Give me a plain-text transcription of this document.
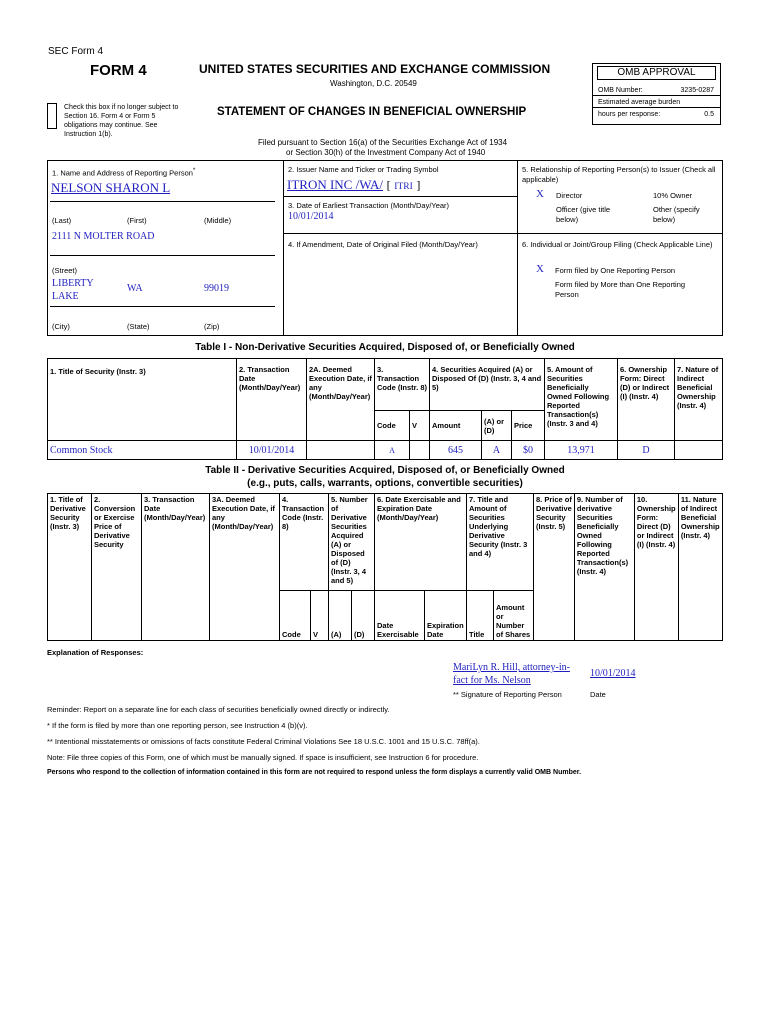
SEC Form 4
FORM 4	UNITED STATES SECURITIES AND EXCHANGE COMMISSION
Washington, D.C. 20549
Check this box if no longer subject to Section 16. Form 4 or Form 5 obligations may continue. See Instruction 1(b).
STATEMENT OF CHANGES IN BENEFICIAL OWNERSHIP
Filed pursuant to Section 16(a) of the Securities Exchange Act of 1934
or Section 30(h) of the Investment Company Act of 1940
OMB APPROVAL
OMB Number:	3235-0287
Estimated average burden
hours per response:	0.5
1. Name and Address of Reporting Person*
NELSON SHARON L
(Last)	(First)	(Middle)
2111 N MOLTER ROAD
(Street)
LIBERTY LAKE
WA	99019
(City)	(State)	(Zip)
2. Issuer Name and Ticker or Trading Symbol
ITRON INC /WA/ [ ITRI ]
3. Date of Earliest Transaction (Month/Day/Year)
10/01/2014
4. If Amendment, Date of Original Filed (Month/Day/Year)
5. Relationship of Reporting Person(s) to Issuer (Check all applicable)
X Director	10% Owner
Officer (give title below)
Other (specify below)
6. Individual or Joint/Group Filing (Check Applicable Line)
X Form filed by One Reporting Person
Form filed by More than One Reporting Person
Table I - Non-Derivative Securities Acquired, Disposed of, or Beneficially Owned
1. Title of Security (Instr. 3)	2. Transaction Date (Month/Day/Year)	2A. Deemed Execution Date, if any (Month/Day/Year)	3. Transaction Code (Instr. 8)		4. Securities Acquired (A) or Disposed Of (D) (Instr. 3, 4 and 5)			5. Amount of Securities Beneficially Owned Following Reported Transaction(s) (Instr. 3 and 4)	6. Ownership Form: Direct (D) or Indirect (I) (Instr. 4)	7. Nature of Indirect Beneficial Ownership (Instr. 4)
			Code	V	Amount	(A) or (D)	Price			
Common Stock	10/01/2014		A		645	A	$0	13,971	D	
Table II - Derivative Securities Acquired, Disposed of, or Beneficially Owned
(e.g., puts, calls, warrants, options, convertible securities)
1. Title of Derivative Security (Instr. 3)	2. Conversion or Exercise Price of Derivative Security	3. Transaction Date (Month/Day/Year)	3A. Deemed Execution Date, if any (Month/Day/Year)	4. Transaction Code (Instr. 8)		5. Number of Derivative Securities Acquired (A) or Disposed of (D) (Instr. 3, 4 and 5)		6. Date Exercisable and Expiration Date (Month/Day/Year)		7. Title and Amount of Securities Underlying Derivative Security (Instr. 3 and 4)		8. Price of Derivative Security (Instr. 5)	9. Number of derivative Securities Beneficially Owned Following Reported Transaction(s) (Instr. 4)	10. Ownership Form: Direct (D) or Indirect (I) (Instr. 4)	11. Nature of Indirect Beneficial Ownership (Instr. 4)
				Code	V	(A)	(D)	Date Exercisable	Expiration Date	Title	Amount or Number of Shares				
Explanation of Responses:
MariLyn R. Hill, attorney-in-fact for Ms. Nelson
10/01/2014
** Signature of Reporting Person	Date
Reminder: Report on a separate line for each class of securities beneficially owned directly or indirectly.
* If the form is filed by more than one reporting person, see Instruction 4 (b)(v).
** Intentional misstatements or omissions of facts constitute Federal Criminal Violations See 18 U.S.C. 1001 and 15 U.S.C. 78ff(a).
Note: File three copies of this Form, one of which must be manually signed. If space is insufficient, see Instruction 6 for procedure.
Persons who respond to the collection of information contained in this form are not required to respond unless the form displays a currently valid OMB Number.
